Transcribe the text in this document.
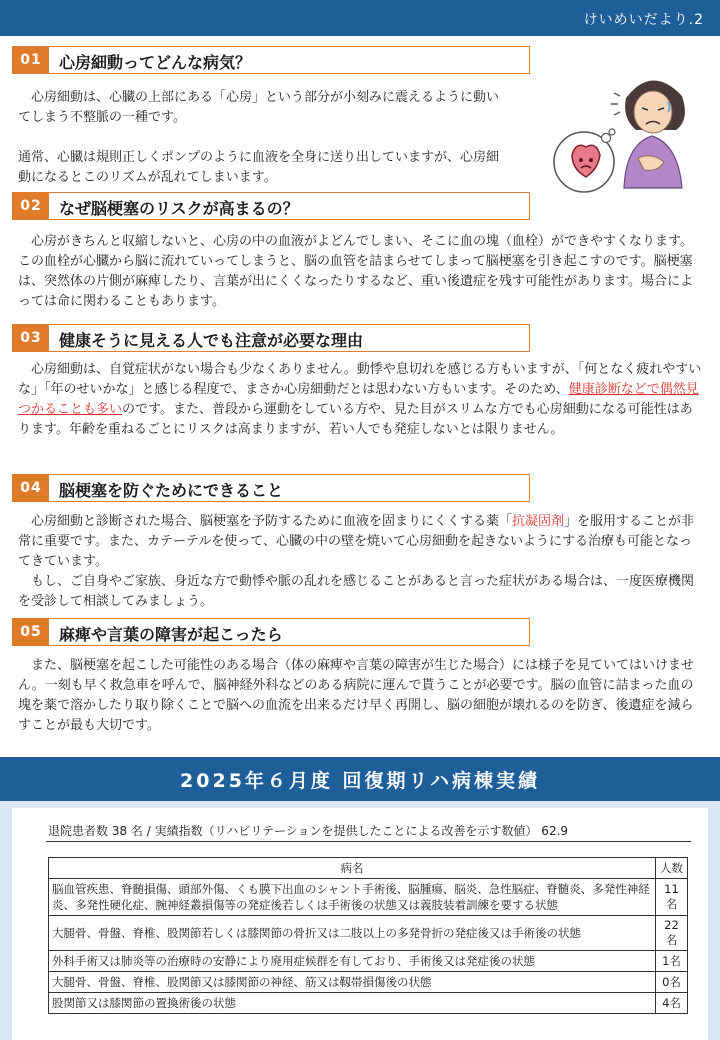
けいめいだより.2
01	心房細動ってどんな病気？

　心房細動は、心臓の上部にある「心房」という部分が小刻みに震えるように動いてしまう不整脈の一種です。

通常、心臓は規則正しくポンプのように血液を全身に送り出していますが、心房細動になるとこのリズムが乱れてしまいます。

02	なぜ脳梗塞のリスクが高まるの？

　心房がきちんと収縮しないと、心房の中の血液がよどんでしまい、そこに血の塊（血栓）ができやすくなります。この血栓が心臓から脳に流れていってしまうと、脳の血管を詰まらせてしまって脳梗塞を引き起こすのです。脳梗塞は、突然体の片側が麻痺したり、言葉が出にくくなったりするなど、重い後遺症を残す可能性があります。場合によっては命に関わることもあります。

03	健康そうに見える人でも注意が必要な理由

　心房細動は、自覚症状がない場合も少なくありません。動悸や息切れを感じる方もいますが、「何となく疲れやすいな」「年のせいかな」と感じる程度で、まさか心房細動だとは思わない方もいます。そのため、健康診断などで偶然見つかることも多いのです。また、普段から運動をしている方や、見た目がスリムな方でも心房細動になる可能性はあります。年齢を重ねるごとにリスクは高まりますが、若い人でも発症しないとは限りません。

04	脳梗塞を防ぐためにできること

　心房細動と診断された場合、脳梗塞を予防するために血液を固まりにくくする薬「抗凝固剤」を服用することが非常に重要です。また、カテーテルを使って、心臓の中の壁を焼いて心房細動を起きないようにする治療も可能となってきています。

　もし、ご自身やご家族、身近な方で動悸や脈の乱れを感じることがあると言った症状がある場合は、一度医療機関を受診して相談してみましょう。

05	麻痺や言葉の障害が起こったら

　また、脳梗塞を起こした可能性のある場合（体の麻痺や言葉の障害が生じた場合）には様子を見ていてはいけません。一刻も早く救急車を呼んで、脳神経外科などのある病院に運んで貰うことが必要です。脳の血管に詰まった血の塊を薬で溶かしたり取り除くことで脳への血流を出来るだけ早く再開し、脳の細胞が壊れるのを防ぎ、後遺症を減らすことが最も大切です。

2025年６月度 回復期リハ病棟実績
退院患者数 38 名 / 実績指数（リハビリテーションを提供したことによる改善を示す数値） 62.9
病名	人数
脳血管疾患、脊髄損傷、頭部外傷、くも膜下出血のシャント手術後、脳腫瘍、脳炎、急性脳症、脊髄炎、多発性神経炎、多発性硬化症、腕神経叢損傷等の発症後若しくは手術後の状態又は義肢装着訓練を要する状態	11名
大腿骨、骨盤、脊椎、股関節若しくは膝関節の骨折又は二肢以上の多発骨折の発症後又は手術後の状態	22名
外科手術又は肺炎等の治療時の安静により廃用症候群を有しており、手術後又は発症後の状態	1名
大腿骨、骨盤、脊椎、股関節又は膝関節の神経、筋又は靱帯損傷後の状態	0名
股関節又は膝関節の置換術後の状態	4名
